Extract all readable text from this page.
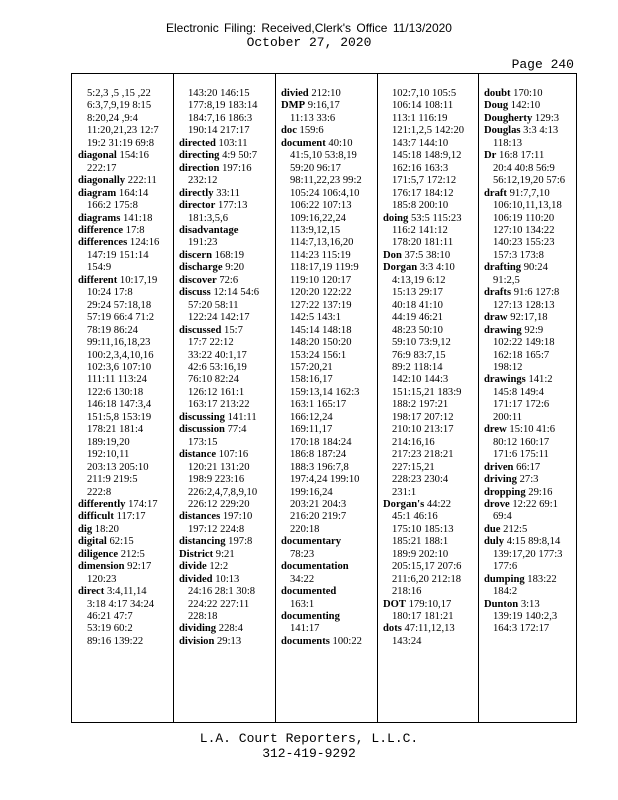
Electronic Filing: Received,Clerk's Office 11/13/2020
October 27, 2020
Page 240
5:2,3 ,5 ,15 ,22
6:3,7,9,19 8:15
8:20,24 ,9:4
11:20,21,23 12:7
19:2 31:19 69:8
diagonal 154:16
222:17
diagonally 222:11
diagram 164:14
166:2 175:8
diagrams 141:18
difference 17:8
differences 124:16
147:19 151:14
154:9
different 10:17,19
10:24 17:8
29:24 57:18,18
57:19 66:4 71:2
78:19 86:24
99:11,16,18,23
100:2,3,4,10,16
102:3,6 107:10
111:11 113:24
122:6 130:18
146:18 147:3,4
151:5,8 153:19
178:21 181:4
189:19,20
192:10,11
203:13 205:10
211:9 219:5
222:8
differently 174:17
difficult 117:17
dig 18:20
digital 62:15
diligence 212:5
dimension 92:17
120:23
direct 3:4,11,14
3:18 4:17 34:24
46:21 47:7
53:19 60:2
89:16 139:22
143:20 146:15
177:8,19 183:14
184:7,16 186:3
190:14 217:17
directed 103:11
directing 4:9 50:7
direction 197:16
232:12
directly 33:11
director 177:13
181:3,5,6
disadvantage
191:23
discern 168:19
discharge 9:20
discover 72:6
discuss 12:14 54:6
57:20 58:11
122:24 142:17
discussed 15:7
17:7 22:12
33:22 40:1,17
42:6 53:16,19
76:10 82:24
126:12 161:1
163:17 213:22
discussing 141:11
discussion 77:4
173:15
distance 107:16
120:21 131:20
198:9 223:16
226:2,4,7,8,9,10
226:12 229:20
distances 197:10
197:12 224:8
distancing 197:8
District 9:21
divide 12:2
divided 10:13
24:16 28:1 30:8
224:22 227:11
228:18
dividing 228:4
division 29:13
divied 212:10
DMP 9:16,17
11:13 33:6
doc 159:6
document 40:10
41:5,10 53:8,19
59:20 96:17
98:11,22,23 99:2
105:24 106:4,10
106:22 107:13
109:16,22,24
113:9,12,15
114:7,13,16,20
114:23 115:19
118:17,19 119:9
119:10 120:17
120:20 122:22
127:22 137:19
142:5 143:1
145:14 148:18
148:20 150:20
153:24 156:1
157:20,21
158:16,17
159:13,14 162:3
163:1 165:17
166:12,24
169:11,17
170:18 184:24
186:8 187:24
188:3 196:7,8
197:4,24 199:10
199:16,24
203:21 204:3
216:20 219:7
220:18
documentary
78:23
documentation
34:22
documented
163:1
documenting
141:17
documents 100:22
102:7,10 105:5
106:14 108:11
113:1 116:19
121:1,2,5 142:20
143:7 144:10
145:18 148:9,12
162:16 163:3
171:5,7 172:12
176:17 184:12
185:8 200:10
doing 53:5 115:23
116:2 141:12
178:20 181:11
Don 37:5 38:10
Dorgan 3:3 4:10
4:13,19 6:12
15:13 29:17
40:18 41:10
44:19 46:21
48:23 50:10
59:10 73:9,12
76:9 83:7,15
89:2 118:14
142:10 144:3
151:15,21 183:9
188:2 197:21
198:17 207:12
210:10 213:17
214:16,16
217:23 218:21
227:15,21
228:23 230:4
231:1
Dorgan's 44:22
45:1 46:16
175:10 185:13
185:21 188:1
189:9 202:10
205:15,17 207:6
211:6,20 212:18
218:16
DOT 179:10,17
180:17 181:21
dots 47:11,12,13
143:24
doubt 170:10
Doug 142:10
Dougherty 129:3
Douglas 3:3 4:13
118:13
Dr 16:8 17:11
20:4 40:8 56:9
56:12,19,20 57:6
draft 91:7,7,10
106:10,11,13,18
106:19 110:20
127:10 134:22
140:23 155:23
157:3 173:8
drafting 90:24
91:2,5
drafts 91:6 127:8
127:13 128:13
draw 92:17,18
drawing 92:9
102:22 149:18
162:18 165:7
198:12
drawings 141:2
145:8 149:4
171:17 172:6
200:11
drew 15:10 41:6
80:12 160:17
171:6 175:11
driven 66:17
driving 27:3
dropping 29:16
drove 12:22 69:1
69:4
due 212:5
duly 4:15 89:8,14
139:17,20 177:3
177:6
dumping 183:22
184:2
Dunton 3:13
139:19 140:2,3
164:3 172:17
L.A. Court Reporters, L.L.C.
312-419-9292
